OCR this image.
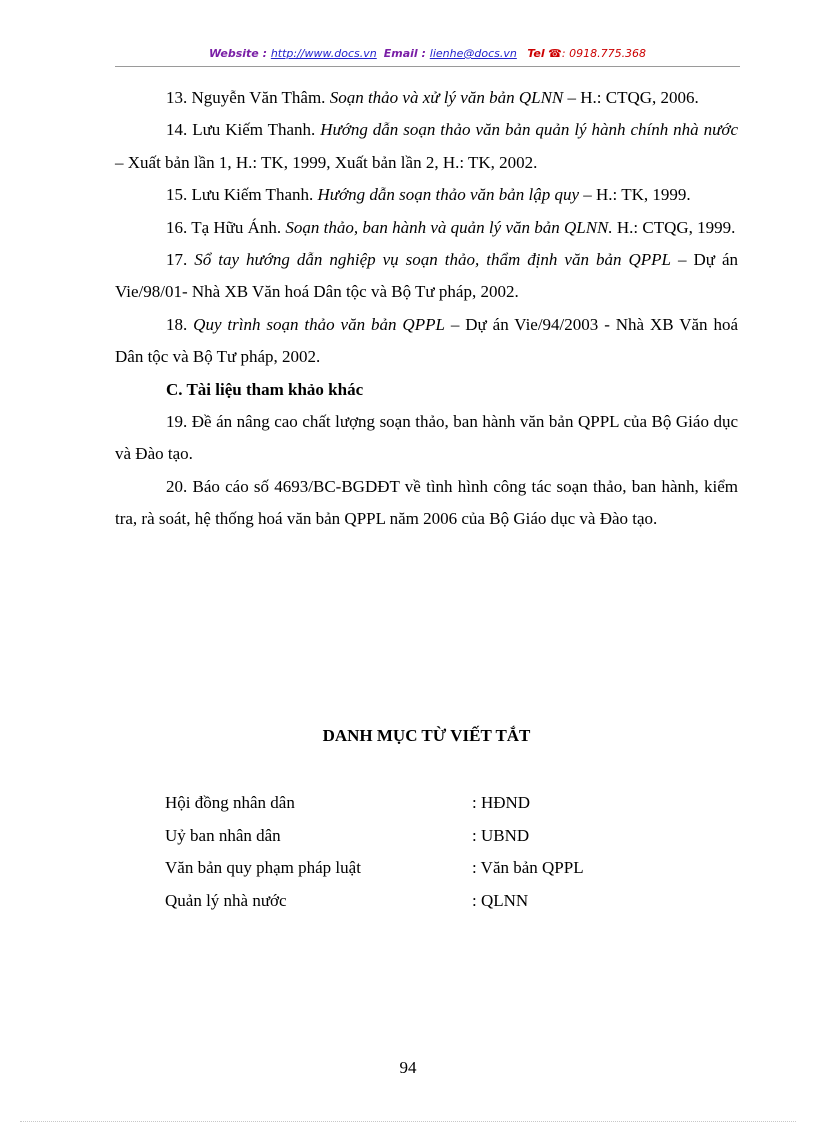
Website : http://www.docs.vn Email : lienhe@docs.vn Tel ☎: 0918.775.368

13. Nguyễn Văn Thâm. Soạn thảo và xử lý văn bản QLNN – H.: CTQG, 2006.

14. Lưu Kiếm Thanh. Hướng dẫn soạn thảo văn bản quản lý hành chính nhà nước – Xuất bản lần 1, H.: TK, 1999, Xuất bản lần 2, H.: TK, 2002.

15. Lưu Kiếm Thanh. Hướng dẫn soạn thảo văn bản lập quy – H.: TK, 1999.

16. Tạ Hữu Ánh. Soạn thảo, ban hành và quản lý văn bản QLNN. H.: CTQG, 1999.

17. Sổ tay hướng dẫn nghiệp vụ soạn thảo, thẩm định văn bản QPPL – Dự án Vie/98/01- Nhà XB Văn hoá Dân tộc và Bộ Tư pháp, 2002.

18. Quy trình soạn thảo văn bản QPPL – Dự án Vie/94/2003 - Nhà XB Văn hoá Dân tộc và Bộ Tư pháp, 2002.

C. Tài liệu tham khảo khác

19. Đề án nâng cao chất lượng soạn thảo, ban hành văn bản QPPL của Bộ Giáo dục và Đào tạo.

20. Báo cáo số 4693/BC-BGDĐT về tình hình công tác soạn thảo, ban hành, kiểm tra, rà soát, hệ thống hoá văn bản QPPL năm 2006 của Bộ Giáo dục và Đào tạo.

DANH MỤC TỪ VIẾT TẮT
Hội đồng nhân dân	: HĐND
Uỷ ban nhân dân	: UBND
Văn bản quy phạm pháp luật	: Văn bản QPPL
Quản lý nhà nước	: QLNN
94
